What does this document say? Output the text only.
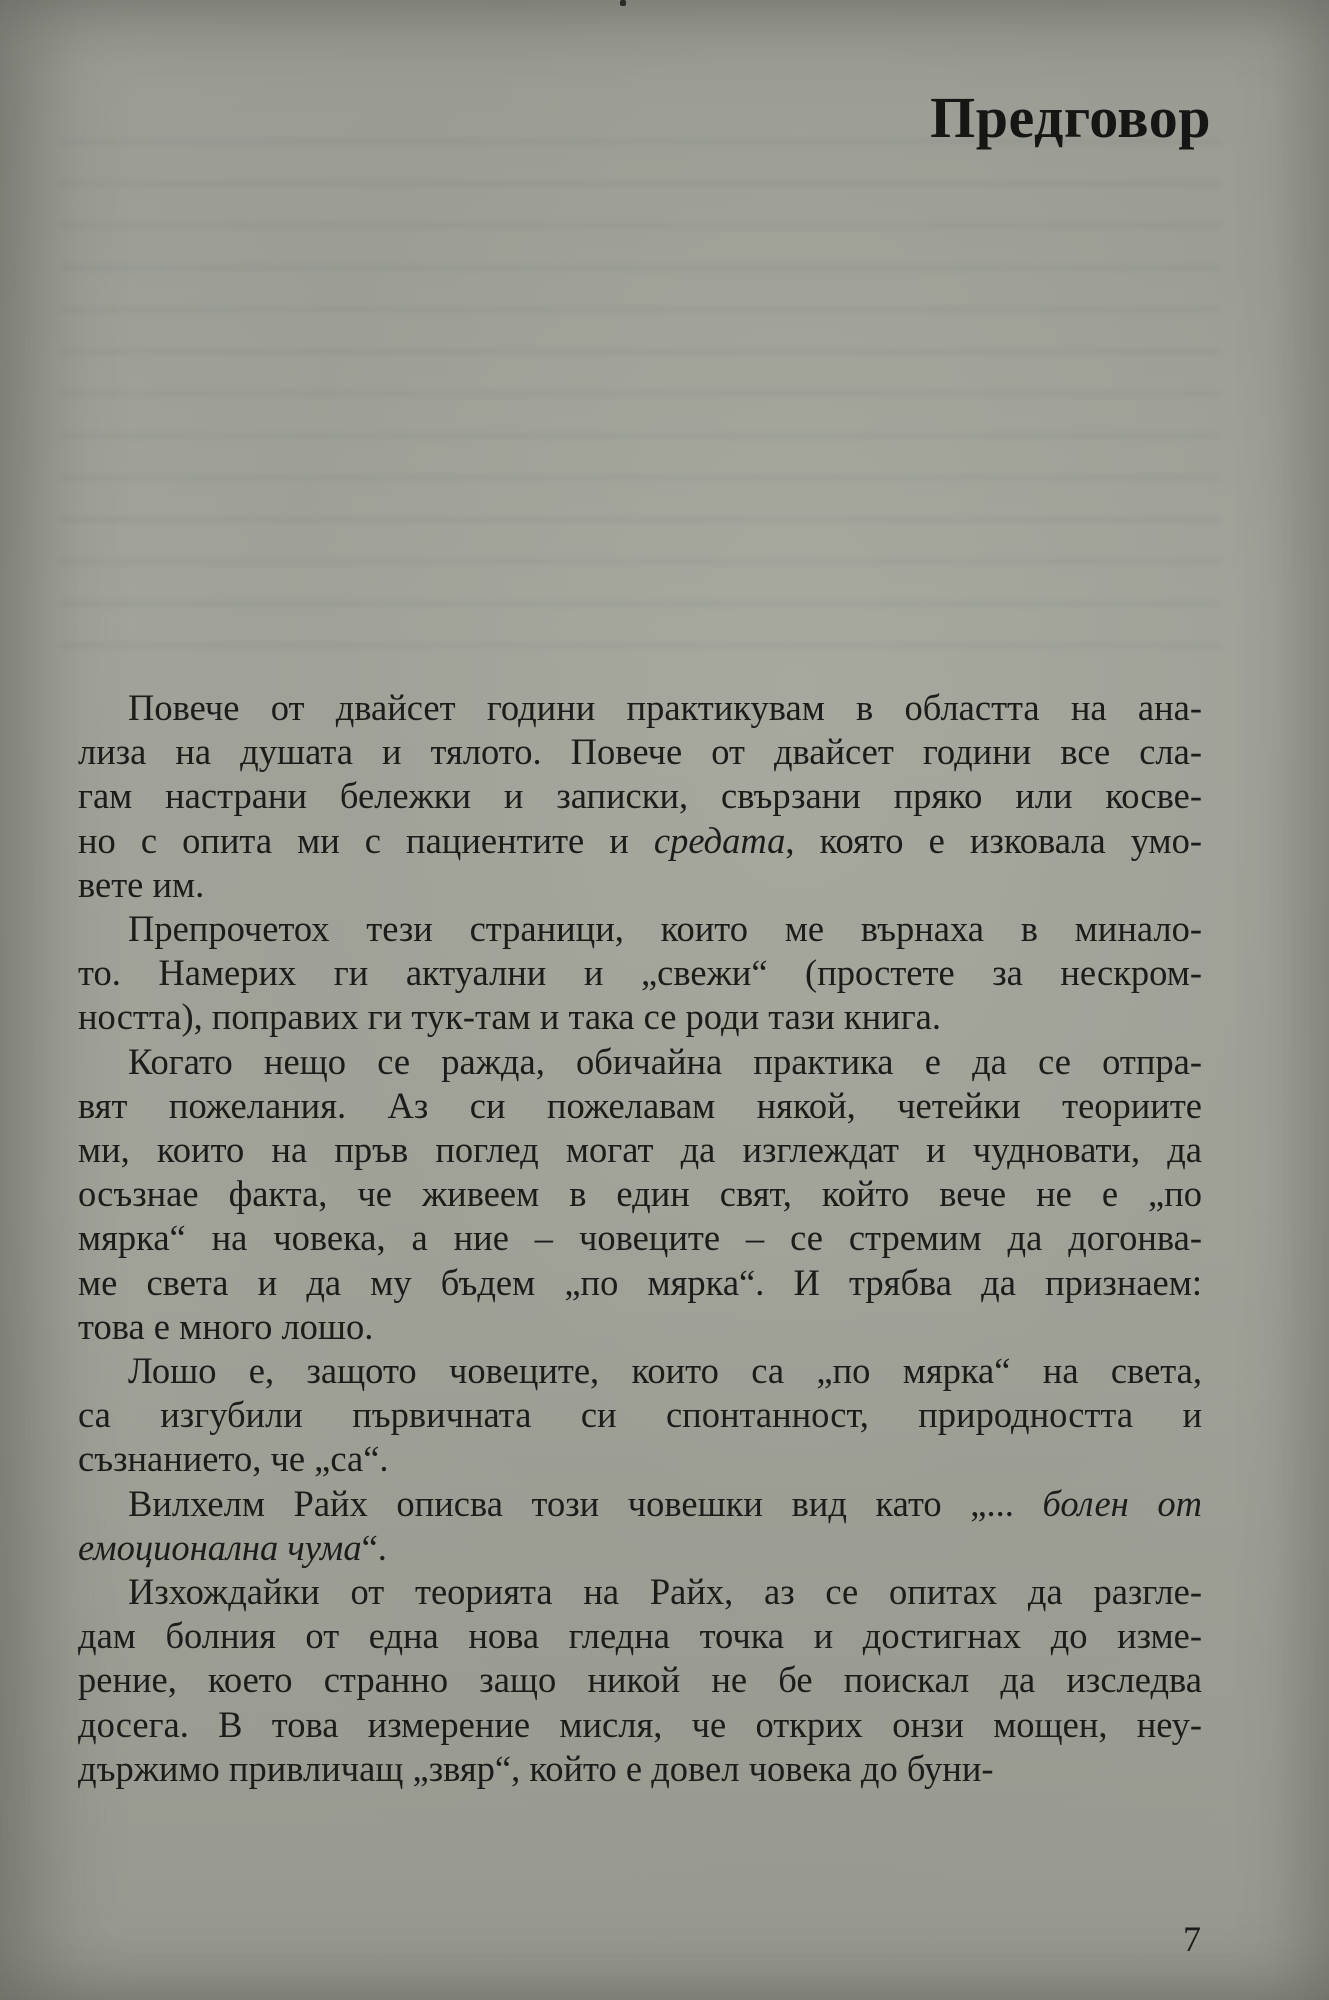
Предговор
Повече от двайсет години практикувам в областта на ана-
лиза на душата и тялото. Повече от двайсет години все сла-
гам настрани бележки и записки, свързани пряко или косве-
но с опита ми с пациентите и средата, която е изковала умо-
вете им.
Препрочетох тези страници, които ме върнаха в минало-
то. Намерих ги актуални и „свежи“ (простете за нескром-
ността), поправих ги тук-там и така се роди тази книга.
Когато нещо се ражда, обичайна практика е да се отпра-
вят пожелания. Аз си пожелавам някой, четейки теориите
ми, които на пръв поглед могат да изглеждат и чудновати, да
осъзнае факта, че живеем в един свят, който вече не е „по
мярка“ на човека, а ние – човеците – се стремим да догонва-
ме света и да му бъдем „по мярка“. И трябва да признаем:
това е много лошо.
Лошо е, защото човеците, които са „по мярка“ на света,
са изгубили първичната си спонтанност, природността и
съзнанието, че „са“.
Вилхелм Райх описва този човешки вид като „... болен от
емоционална чума“.
Изхождайки от теорията на Райх, аз се опитах да разгле-
дам болния от една нова гледна точка и достигнах до изме-
рение, което странно защо никой не бе поискал да изследва
досега. В това измерение мисля, че открих онзи мощен, неу-
държимо привличащ „звяр“, който е довел човека до буни-
7
